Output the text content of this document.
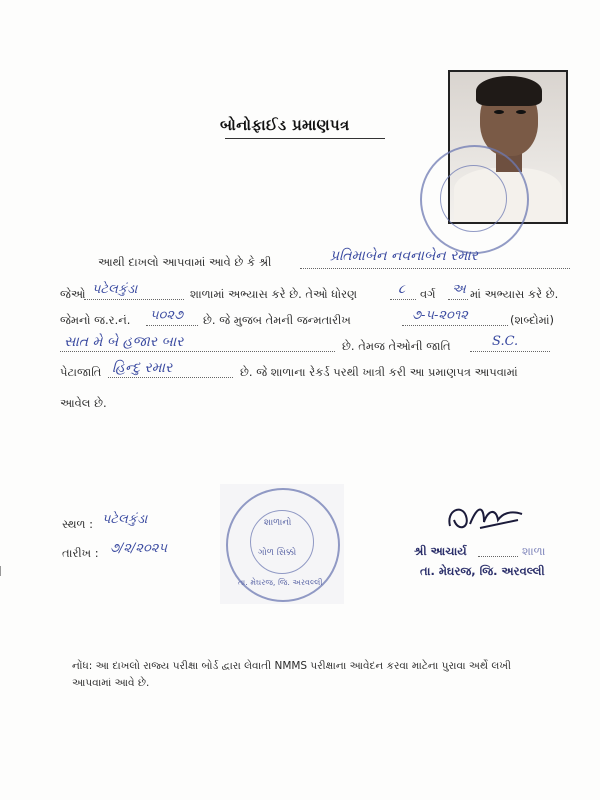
બોનોફાઈડ પ્રમાણપત્ર
આથી દાખલો આપવામાં આવે છે કે શ્રી	પ્રતિમાબેન નવનાબેન રમાર
જેઓ પટેલકુંડા	શાળામાં અભ્યાસ કરે છે. તેઓ ધોરણ	૮ વર્ગ અ માં અભ્યાસ કરે છે.
જેમનો જ.ર.નં. ૫૦૨૭ છે. જે મુજબ તેમની જન્મતારીખ	૭-૫-૨૦૧૨	(શબ્દોમાં)
સાત મે બે હજાર બાર	છે. તેમજ તેઓની જાતિ	S.C.
પેટાજાતિ હિન્દુ રમાર	છે. જે શાળાના રેકર્ડ પરથી ખાત્રી કરી આ પ્રમાણપત્ર આપવામાં
આવેલ છે.
સ્થળ : પટેલકુંડા
તારીખ : ૭/૨/૨૦૨૫
શાળાનો
ગોળ સિક્કો
તા. મેઘરજ, જિ. અરવલ્લી
શ્રી આચાર્ય	શાળા
તા. મેઘરજ, જિ. અરવલ્લી
નોંધ: આ દાખલો રાજ્ય પરીક્ષા બોર્ડ દ્વારા લેવાતી NMMS પરીક્ષાના આવેદન કરવા માટેના પુરાવા અર્થે લખી
આપવામાં આવે છે.
